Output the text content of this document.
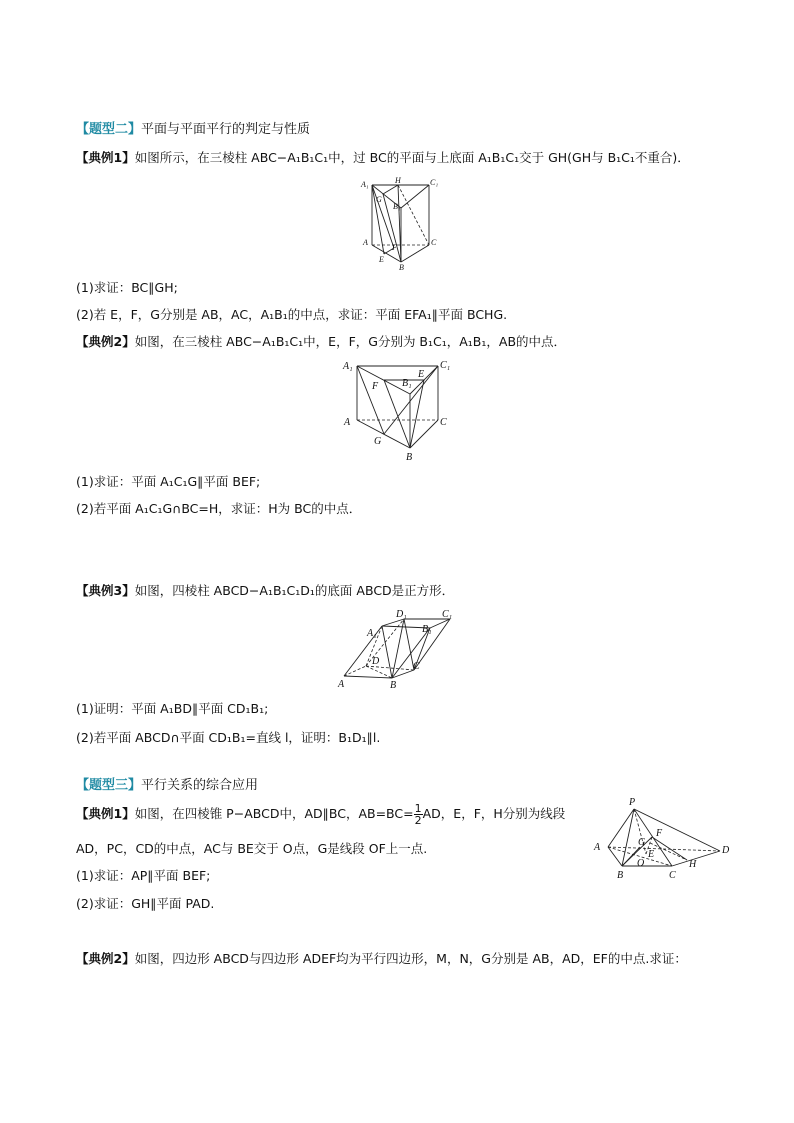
【题型二】平面与平面平行的判定与性质
【典例1】如图所示，在三棱柱 ABC−A₁B₁C₁中，过 BC的平面与上底面 A₁B₁C₁交于 GH(GH与 B₁C₁不重合)．
A₁	H	C₁
G
B₁
A
F
C
E
B
(1)求证：BC∥GH;
(2)若 E，F，G分别是 AB，AC，A₁B₁的中点，求证：平面 EFA₁∥平面 BCHG.
【典例2】如图，在三棱柱 ABC−A₁B₁C₁中，E，F，G分别为 B₁C₁，A₁B₁，AB的中点．
A₁
F B₁
E
C₁
A	C
G
B
(1)求证：平面 A₁C₁G∥平面 BEF;
(2)若平面 A₁C₁G∩BC=H，求证：H为 BC的中点．
【典例3】如图，四棱柱 ABCD−A₁B₁C₁D₁的底面 ABCD是正方形．
D₁	C₁
A₁	B₁
D	C
A	B
(1)证明：平面 A₁BD∥平面 CD₁B₁;
(2)若平面 ABCD∩平面 CD₁B₁=直线 l，证明：B₁D₁∥l.
【题型三】平行关系的综合应用
【典例1】如图，在四棱锥 P−ABCD中，AD∥BC，$AB=BC= \frac{1}{2}$ AD，E，F，H分别为线段
AD，PC，CD的中点，AC与 BE交于 O点，G是线段 OF上一点.
(1)求证：AP∥平面 BEF;
(2)求证：GH∥平面 PAD.
P
F
G
A
E	D
O	H
B	C
【典例2】如图，四边形 ABCD与四边形 ADEF均为平行四边形，M，N，G分别是 AB，AD，EF的中点.求证：
